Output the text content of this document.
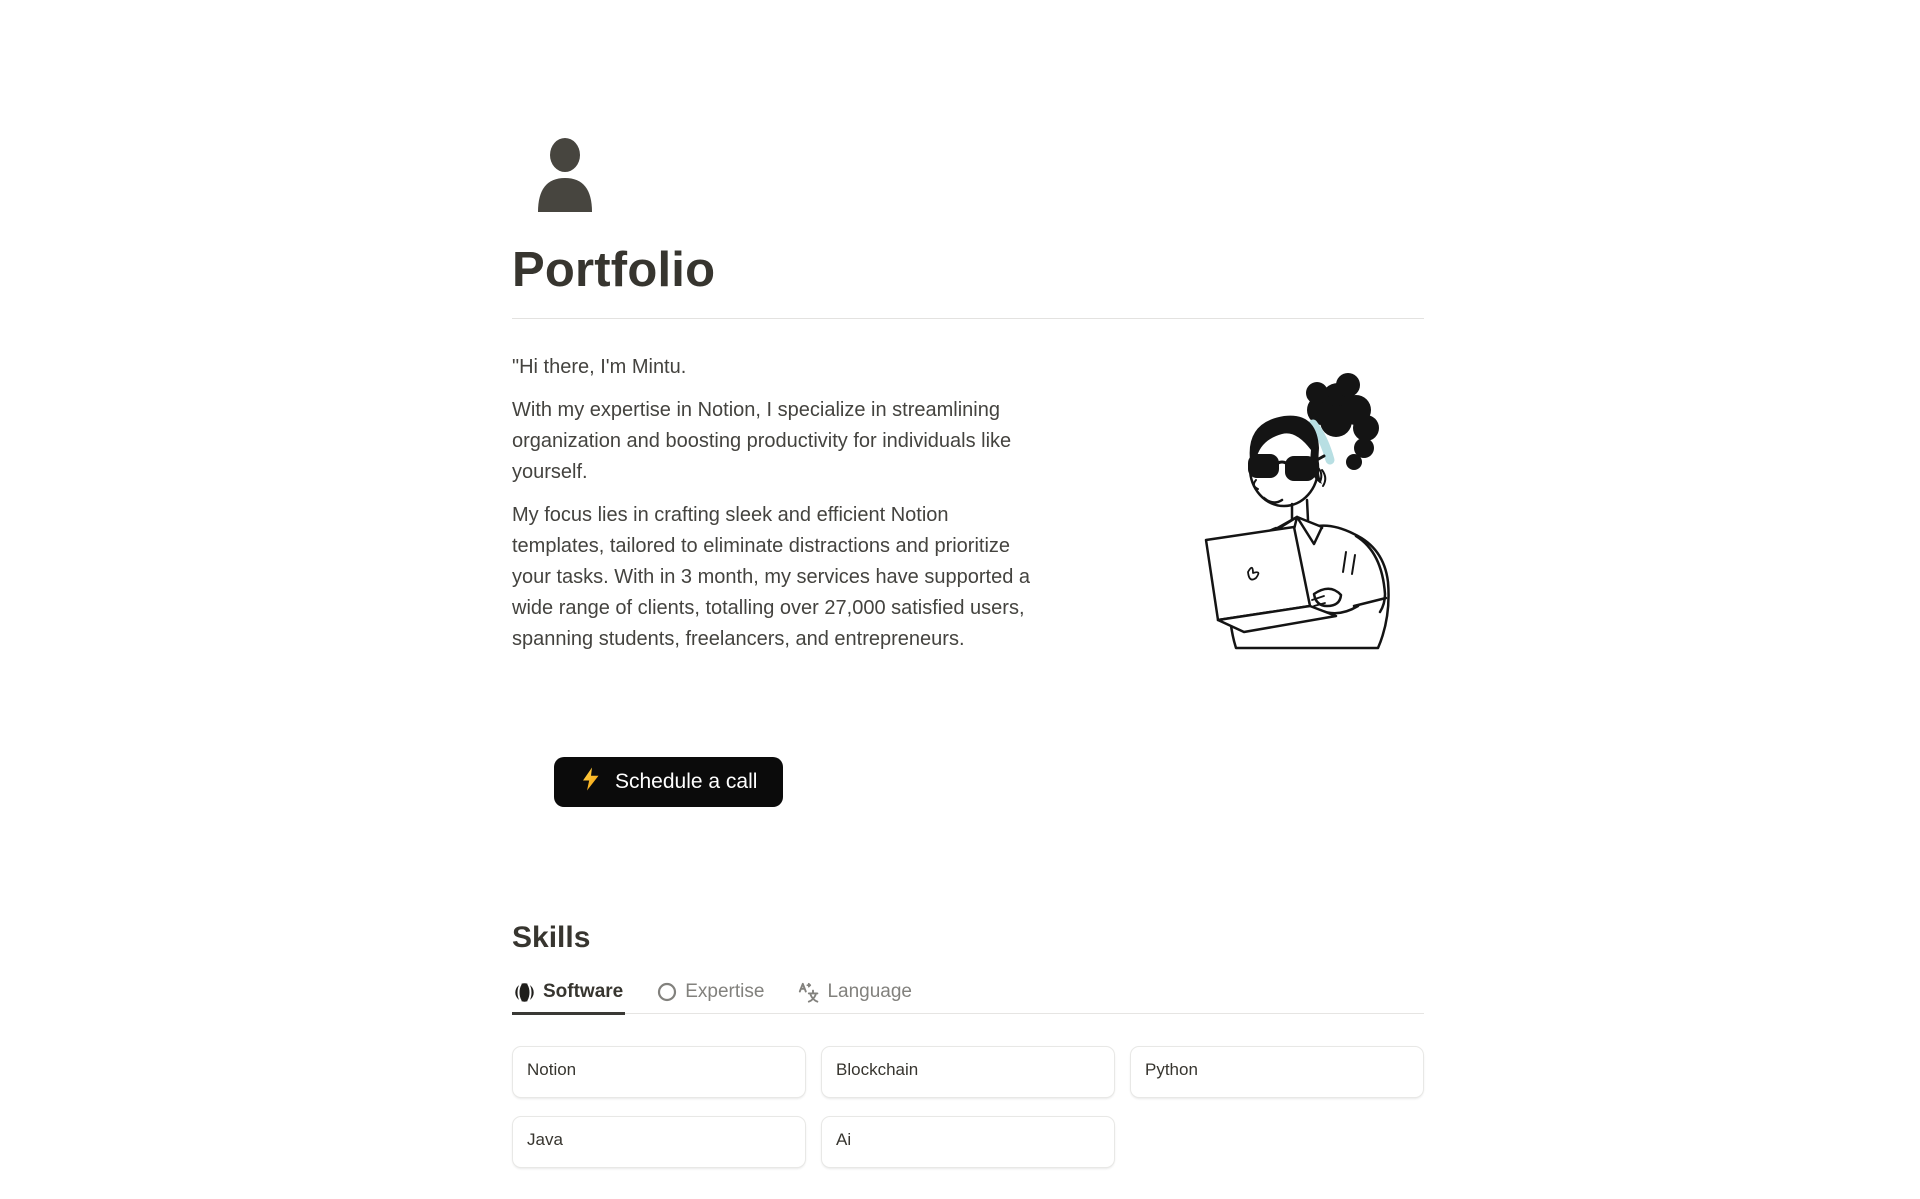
Portfolio

"Hi there, I'm Mintu.

With my expertise in Notion, I specialize in streamlining organization and boosting productivity for individuals like yourself.

My focus lies in crafting sleek and efficient Notion templates, tailored to eliminate distractions and prioritize your tasks. With in 3 month, my services have supported a wide range of clients, totalling over 27,000 satisfied users, spanning students, freelancers, and entrepreneurs.

Schedule a call
Skills
Software	Expertise	Language
Notion	Blockchain	Python
Java	Ai
